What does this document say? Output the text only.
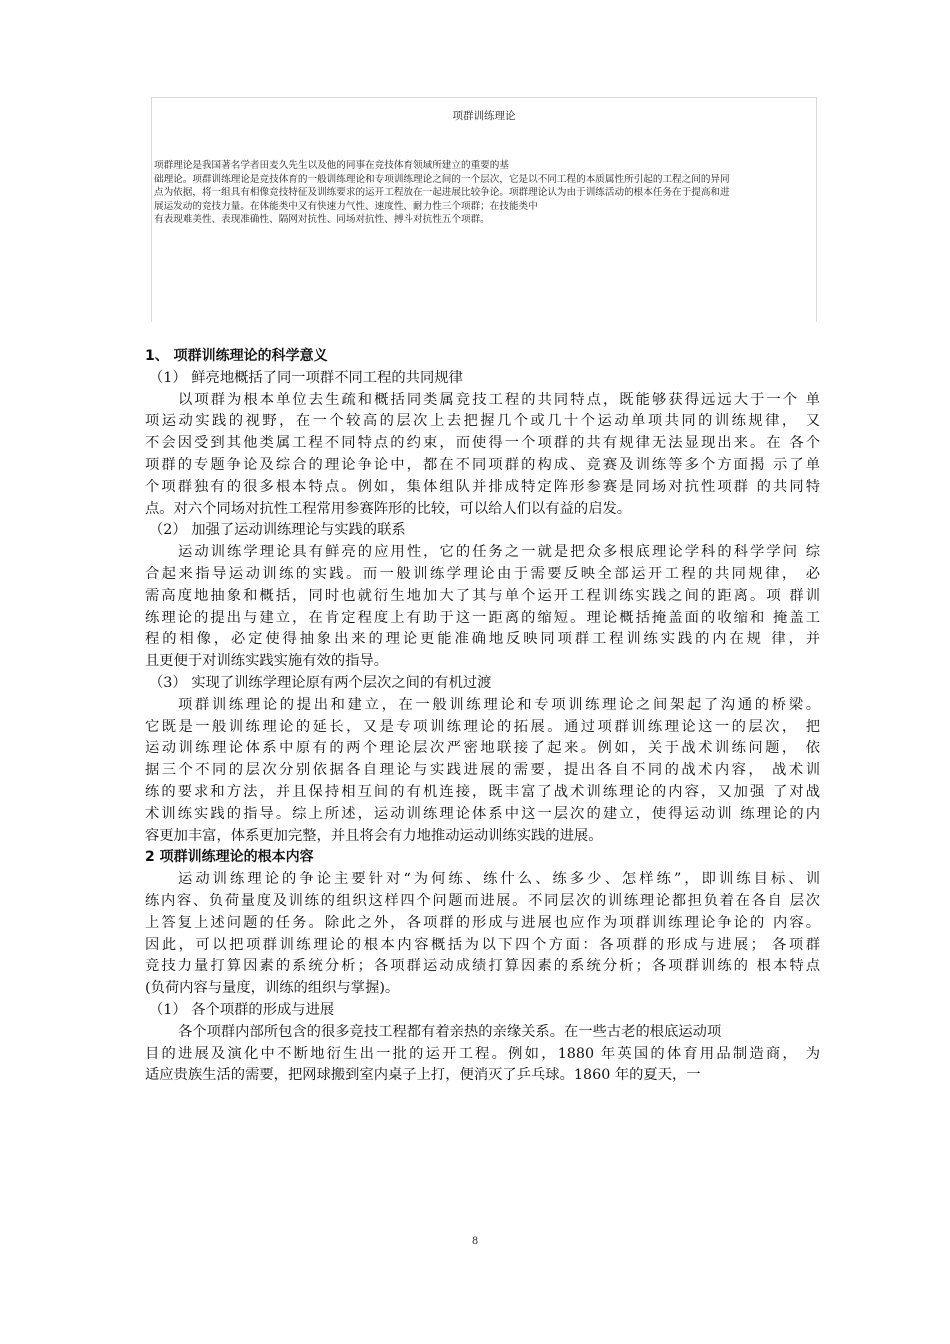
项群训练理论
项群理论是我国著名学者田麦久先生以及他的同事在竞技体育领域所建立的重要的基
础理论。项群训练理论是竞技体育的一般训练理论和专项训练理论之间的一个层次，它是以不同工程的本质属性所引起的工程之间的异同
点为依据，将一组具有相像竞技特征及训练要求的运开工程放在一起进展比较争论。项群理论认为由于训练活动的根本任务在于提高和进
展运发动的竞技力量。在体能类中又有快速力气性、速度性、耐力性三个项群；在技能类中
有表现难美性、表现准确性、隔网对抗性、同场对抗性、搏斗对抗性五个项群。
1、 项群训练理论的科学意义
（1） 鲜亮地概括了同一项群不同工程的共同规律
以项群为根本单位去生疏和概括同类属竞技工程的共同特点，既能够获得远远大于一个 单
项运动实践的视野，在一个较高的层次上去把握几个或几十个运动单项共同的训练规律， 又
不会因受到其他类属工程不同特点的约束，而使得一个项群的共有规律无法显现出来。在 各个
项群的专题争论及综合的理论争论中，都在不同项群的构成、竞赛及训练等多个方面揭 示了单
个项群独有的很多根本特点。例如，集体组队并排成特定阵形参赛是同场对抗性项群 的共同特
点。对六个同场对抗性工程常用参赛阵形的比较，可以给人们以有益的启发。
（2） 加强了运动训练理论与实践的联系
运动训练学理论具有鲜亮的应用性，它的任务之一就是把众多根底理论学科的科学学问 综
合起来指导运动训练的实践。而一般训练学理论由于需要反映全部运开工程的共同规律， 必
需高度地抽象和概括，同时也就衍生地加大了其与单个运开工程训练实践之间的距离。项 群训
练理论的提出与建立，在肯定程度上有助于这一距离的缩短。理论概括掩盖面的收缩和 掩盖工
程的相像，必定使得抽象出来的理论更能准确地反映同项群工程训练实践的内在规 律，并
且更便于对训练实践实施有效的指导。
（3） 实现了训练学理论原有两个层次之间的有机过渡
项群训练理论的提出和建立，在一般训练理论和专项训练理论之间架起了沟通的桥梁。
它既是一般训练理论的延长，又是专项训练理论的拓展。通过项群训练理论这一的层次， 把
运动训练理论体系中原有的两个理论层次严密地联接了起来。例如，关于战术训练问题， 依
据三个不同的层次分别依据各自理论与实践进展的需要，提出各自不同的战术内容， 战术训
练的要求和方法，并且保持相互间的有机连接，既丰富了战术训练理论的内容，又加强 了对战
术训练实践的指导。综上所述，运动训练理论体系中这一层次的建立，使得运动训 练理论的内
容更加丰富，体系更加完整，并且将会有力地推动运动训练实践的进展。
2 项群训练理论的根本内容
运动训练理论的争论主要针对“为何练、练什么、练多少、怎样练”，即训练目标、训
练内容、负荷量度及训练的组织这样四个问题而进展。不同层次的训练理论都担负着在各自 层次
上答复上述问题的任务。除此之外，各项群的形成与进展也应作为项群训练理论争论的 内容。
因此，可以把项群训练理论的根本内容概括为以下四个方面：各项群的形成与进展； 各项群
竞技力量打算因素的系统分析；各项群运动成绩打算因素的系统分析；各项群训练的 根本特点
(负荷内容与量度，训练的组织与掌握)。
（1） 各个项群的形成与进展
各个项群内部所包含的很多竞技工程都有着亲热的亲缘关系。在一些古老的根底运动项
目的进展及演化中不断地衍生出一批的运开工程。例如，1880 年英国的体育用品制造商， 为
适应贵族生活的需要，把网球搬到室内桌子上打，便消灭了乒乓球。1860 年的夏天，一
8
